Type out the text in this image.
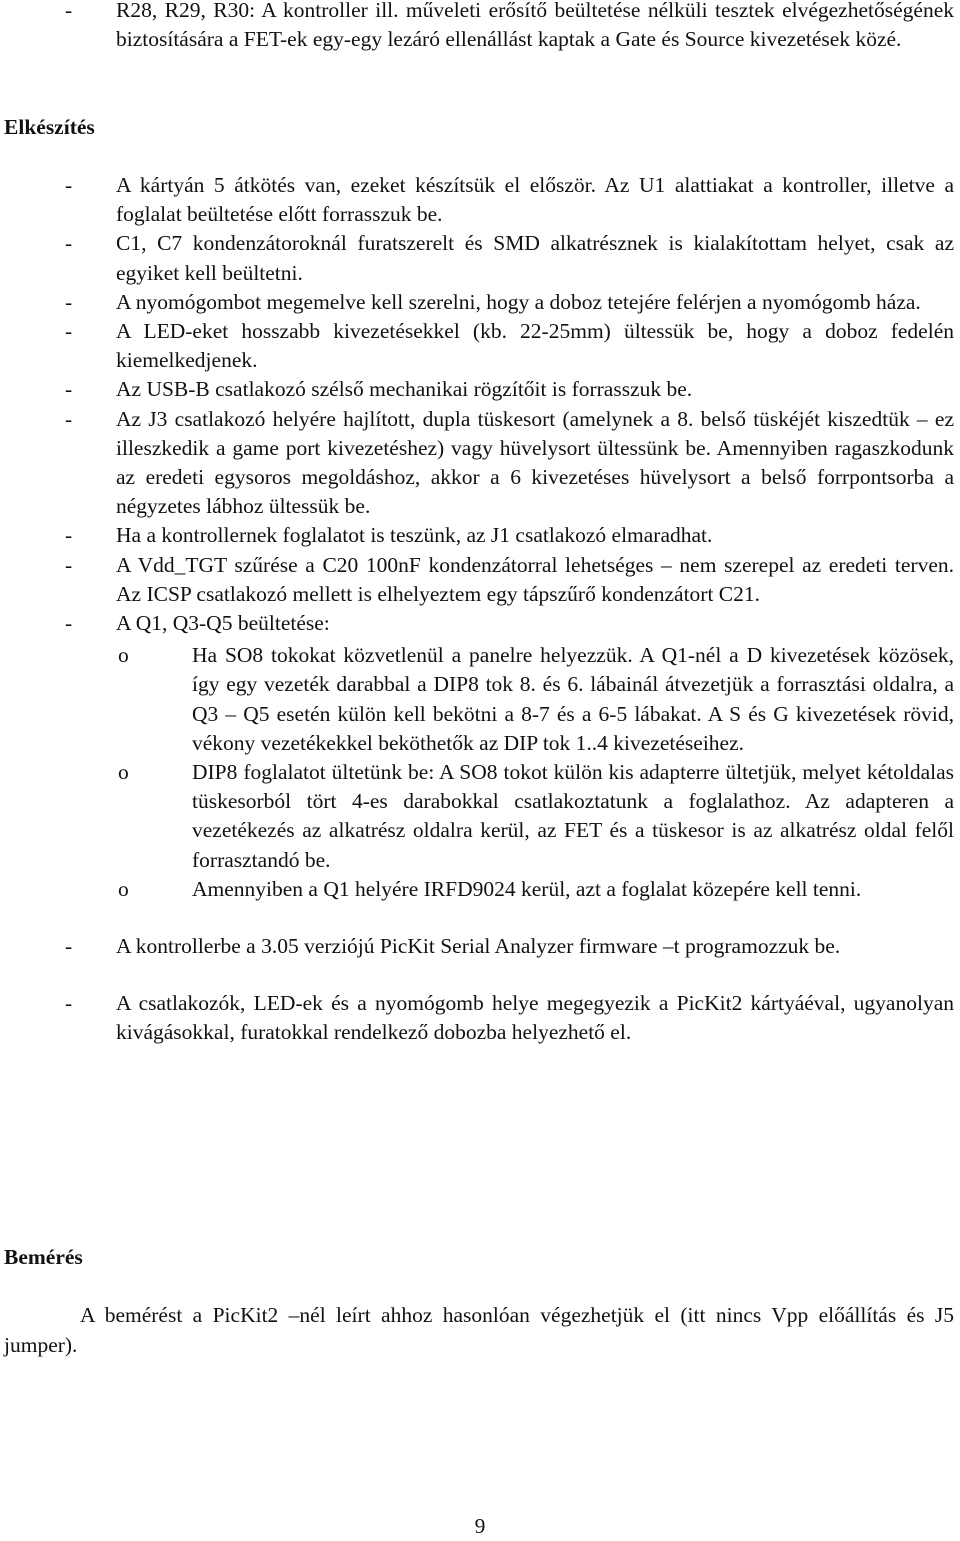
- R28, R29, R30: A kontroller ill. műveleti erősítő beültetése nélküli tesztek elvégezhetőségének biztosítására a FET-ek egy-egy lezáró ellenállást kaptak a Gate és Source kivezetések közé.
Elkészítés
- A kártyán 5 átkötés van, ezeket készítsük el először. Az U1 alattiakat a kontroller, illetve a foglalat beültetése előtt forrasszuk be.
- C1, C7 kondenzátoroknál furatszerelt és SMD alkatrésznek is kialakítottam helyet, csak az egyiket kell beültetni.
- A nyomógombot megemelve kell szerelni, hogy a doboz tetejére felérjen a nyomógomb háza.
- A LED-eket hosszabb kivezetésekkel (kb. 22-25mm) ültessük be, hogy a doboz fedelén kiemelkedjenek.
- Az USB-B csatlakozó szélső mechanikai rögzítőit is forrasszuk be.
- Az J3 csatlakozó helyére hajlított, dupla tüskesort (amelynek a 8. belső tüskéjét kiszedtük – ez illeszkedik a game port kivezetéshez) vagy hüvelysort ültessünk be. Amennyiben ragaszkodunk az eredeti egysoros megoldáshoz, akkor a 6 kivezetéses hüvelysort a belső forrpontsorba a négyzetes lábhoz ültessük be.
- Ha a kontrollernek foglalatot is teszünk, az J1 csatlakozó elmaradhat.
- A Vdd_TGT szűrése a C20 100nF kondenzátorral lehetséges – nem szerepel az eredeti terven. Az ICSP csatlakozó mellett is elhelyeztem egy tápszűrő kondenzátort C21.
- A Q1, Q3-Q5 beültetése:
o	Ha SO8 tokokat közvetlenül a panelre helyezzük. A Q1-nél a D kivezetések közösek, így egy vezeték darabbal a DIP8 tok 8. és 6. lábainál átvezetjük a forrasztási oldalra, a Q3 – Q5 esetén külön kell bekötni a 8-7 és a 6-5 lábakat. A S és G kivezetések rövid, vékony vezetékekkel beköthetők az DIP tok 1..4 kivezetéseihez.
o	DIP8 foglalatot ültetünk be: A SO8 tokot külön kis adapterre ültetjük, melyet kétoldalas tüskesorból tört 4-es darabokkal csatlakoztatunk a foglalathoz. Az adapteren a vezetékezés az alkatrész oldalra kerül, az FET és a tüskesor is az alkatrész oldal felől forrasztandó be.
o	Amennyiben a Q1 helyére IRFD9024 kerül, azt a foglalat közepére kell tenni.
- A kontrollerbe a 3.05 verziójú PicKit Serial Analyzer firmware –t programozzuk be.
- A csatlakozók, LED-ek és a nyomógomb helye megegyezik a PicKit2 kártyáéval, ugyanolyan kivágásokkal, furatokkal rendelkező dobozba helyezhető el.
Bemérés
A bemérést a PicKit2 –nél leírt ahhoz hasonlóan végezhetjük el (itt nincs Vpp előállítás és J5 jumper).
9
